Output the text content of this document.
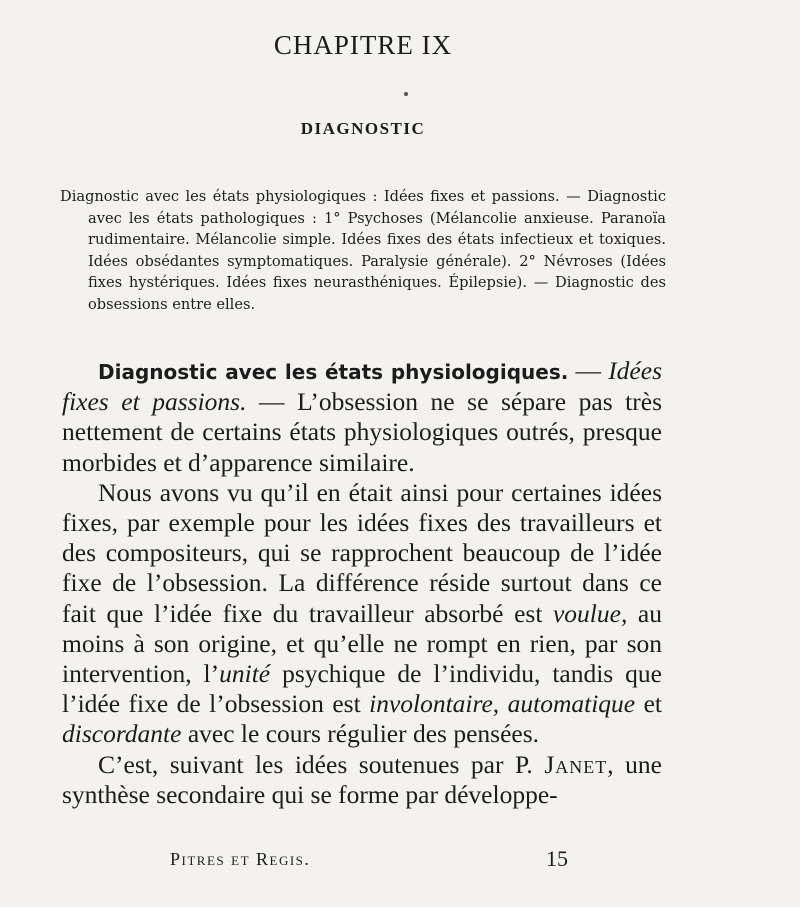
CHAPITRE IX
DIAGNOSTIC
Diagnostic avec les états physiologiques : Idées fixes et passions. — Diagnostic avec les états pathologiques : 1° Psychoses (Mélancolie anxieuse. Paranoïa rudimentaire. Mélancolie simple. Idées fixes des états infectieux et toxiques. Idées obsédantes symptomatiques. Paralysie générale). 2° Névroses (Idées fixes hystériques. Idées fixes neurasthéniques. Épilepsie). — Diagnostic des obsessions entre elles.

Diagnostic avec les états physiologiques. — Idées fixes et passions. — L’obsession ne se sépare pas très nettement de certains états physiologiques outrés, presque morbides et d’apparence similaire.

Nous avons vu qu’il en était ainsi pour certaines idées fixes, par exemple pour les idées fixes des travailleurs et des compositeurs, qui se rapprochent beaucoup de l’idée fixe de l’obsession. La différence réside surtout dans ce fait que l’idée fixe du travailleur absorbé est voulue, au moins à son origine, et qu’elle ne rompt en rien, par son intervention, l’unité psychique de l’individu, tandis que l’idée fixe de l’obsession est involontaire, automatique et discordante avec le cours régulier des pensées.

C’est, suivant les idées soutenues par P. Janet, une synthèse secondaire qui se forme par développe-

Pitres et Regis.	15
